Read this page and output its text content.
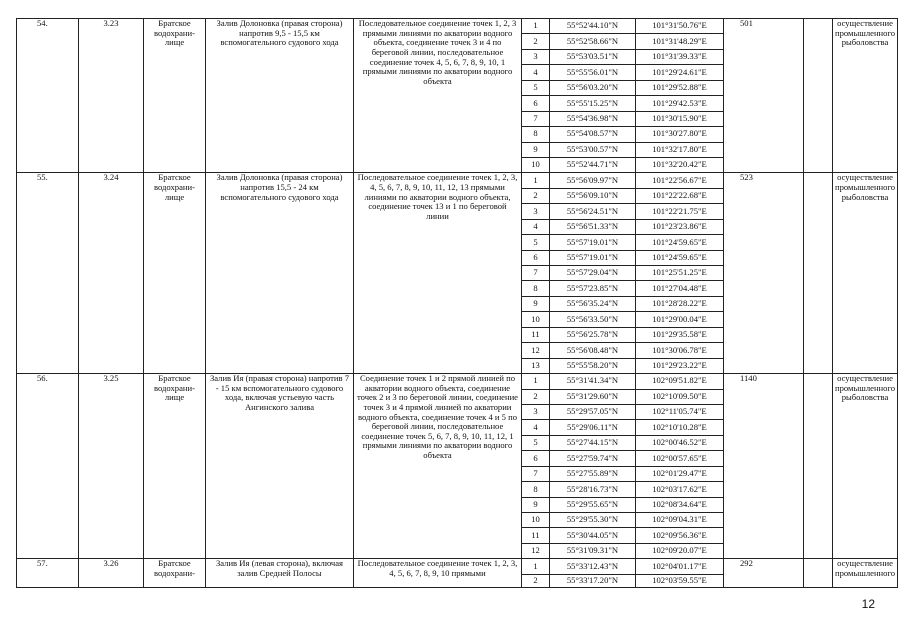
54.	3.23	Братское водохрани-лище	Залив Долоновка (правая сторона) напротив 9,5 - 15,5 км вспомогательного судового хода	Последовательное соединение точек 1, 2, 3 прямыми линиями по акватории водного объекта, соединение точек 3 и 4 по береговой линии, последовательное соединение точек 4, 5, 6, 7, 8, 9, 10, 1 прямыми линиями по акватории водного объекта	1	55°52'44.10"N	101°31'50.76"E	501		осуществление промышленного рыболовства
					2	55°52'58.66"N	101°31'48.29"E			
					3	55°53'03.51"N	101°31'39.33"E			
					4	55°55'56.01"N	101°29'24.61"E			
					5	55°56'03.20"N	101°29'52.88"E			
					6	55°55'15.25"N	101°29'42.53"E			
					7	55°54'36.98"N	101°30'15.90"E			
					8	55°54'08.57"N	101°30'27.80"E			
					9	55°53'00.57"N	101°32'17.80"E			
					10	55°52'44.71"N	101°32'20.42"E			
55.	3.24	Братское водохрани-лище	Залив Долоновка (правая сторона) напротив 15,5 - 24 км вспомогательного судового хода	Последовательное соединение точек 1, 2, 3, 4, 5, 6, 7, 8, 9, 10, 11, 12, 13 прямыми линиями по акватории водного объекта, соединение точек 13 и 1 по береговой линии	1	55°56'09.97"N	101°22'56.67"E	523		осуществление промышленного рыболовства
					2	55°56'09.10"N	101°22'22.68"E			
					3	55°56'24.51"N	101°22'21.75"E			
					4	55°56'51.33"N	101°23'23.86"E			
					5	55°57'19.01"N	101°24'59.65"E			
					6	55°57'19.01"N	101°24'59.65"E			
					7	55°57'29.04"N	101°25'51.25"E			
					8	55°57'23.85"N	101°27'04.48"E			
					9	55°56'35.24"N	101°28'28.22"E			
					10	55°56'33.50"N	101°29'00.04"E			
					11	55°56'25.78"N	101°29'35.58"E			
					12	55°56'08.48"N	101°30'06.78"E			
					13	55°55'58.20"N	101°29'23.22"E			
56.	3.25	Братское водохрани-лище	Залив Ия (правая сторона) напротив 7 - 15 км вспомогательного судового хода, включая устьевую часть Ангинского залива	Соединение точек 1 и 2 прямой линией по акватории водного объекта, соединение точек 2 и 3 по береговой линии, соединение точек 3 и 4 прямой линией по акватории водного объекта, соединение точек 4 и 5 по береговой линии, последовательное соединение точек 5, 6, 7, 8, 9, 10, 11, 12, 1 прямыми линиями по акватории водного объекта	1	55°31'41.34"N	102°09'51.82"E	1140		осуществление промышленного рыболовства
					2	55°31'29.60"N	102°10'09.50"E			
					3	55°29'57.05"N	102°11'05.74"E			
					4	55°29'06.11"N	102°10'10.28"E			
					5	55°27'44.15"N	102°00'46.52"E			
					6	55°27'59.74"N	102°00'57.65"E			
					7	55°27'55.89"N	102°01'29.47"E			
					8	55°28'16.73"N	102°03'17.62"E			
					9	55°29'55.65"N	102°08'34.64"E			
					10	55°29'55.30"N	102°09'04.31"E			
					11	55°30'44.05"N	102°09'56.36"E			
					12	55°31'09.31"N	102°09'20.07"E			
57.	3.26	Братское водохрани-	Залив Ия (левая сторона), включая залив Средней Полосы	Последовательное соединение точек 1, 2, 3, 4, 5, 6, 7, 8, 9, 10 прямыми	1	55°33'12.43"N	102°04'01.17"E	292		осуществление промышленного
					2	55°33'17.20"N	102°03'59.55"E			
12
